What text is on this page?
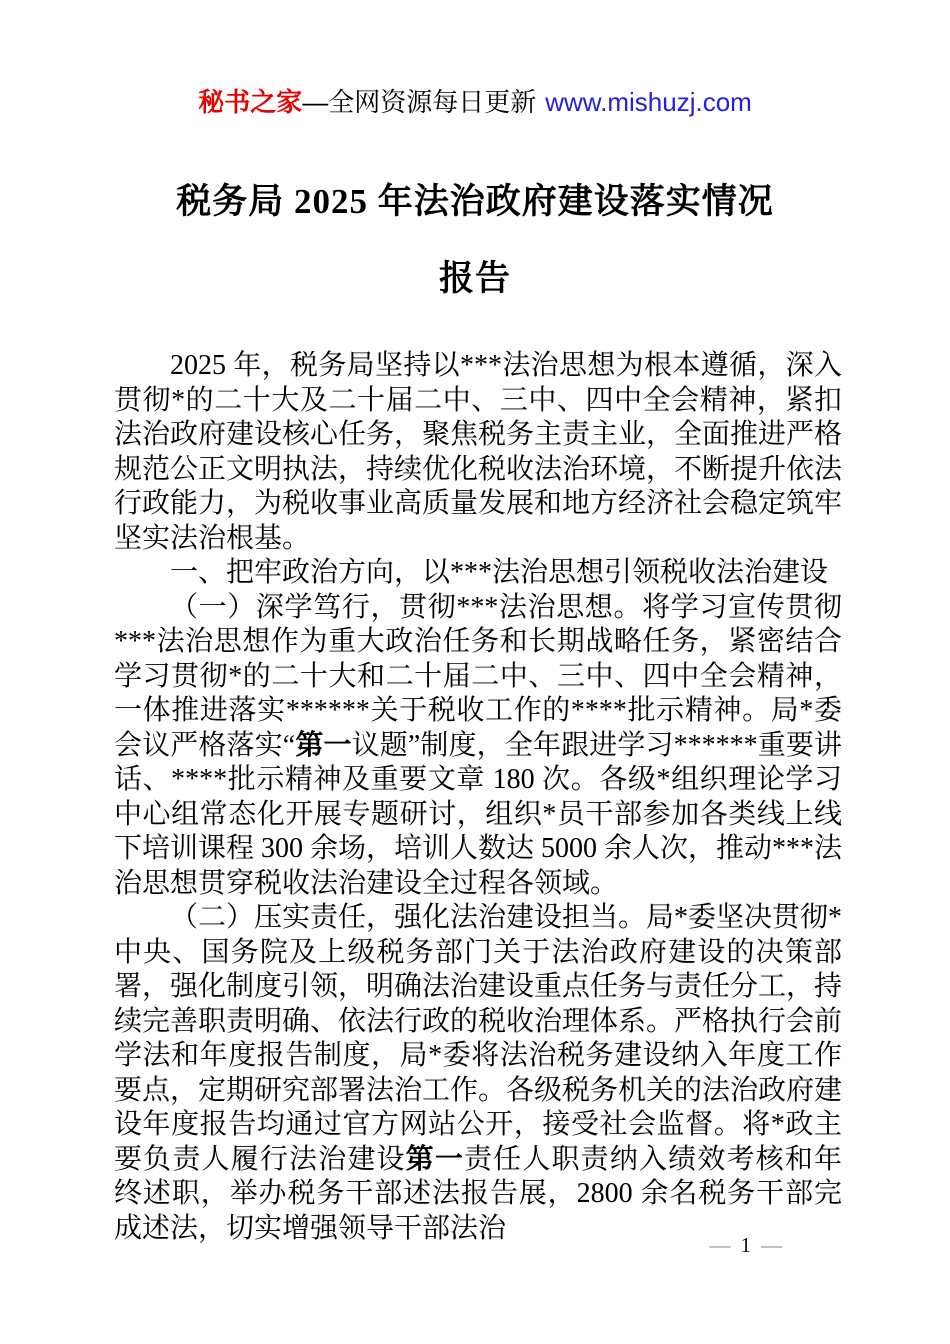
秘书之家—全网资源每日更新 www.mishuzj.com
税务局 2025 年法治政府建设落实情况
报告

2025 年，税务局坚持以***法治思想为根本遵循，深入贯彻*的二十大及二十届二中、三中、四中全会精神，紧扣法治政府建设核心任务，聚焦税务主责主业，全面推进严格规范公正文明执法，持续优化税收法治环境，不断提升依法行政能力，为税收事业高质量发展和地方经济社会稳定筑牢坚实法治根基。

一、把牢政治方向，以***法治思想引领税收法治建设

（一）深学笃行，贯彻***法治思想。将学习宣传贯彻***法治思想作为重大政治任务和长期战略任务，紧密结合学习贯彻*的二十大和二十届二中、三中、四中全会精神，一体推进落实******关于税收工作的****批示精神。局*委会议严格落实“第一议题”制度，全年跟进学习******重要讲话、****批示精神及重要文章 180 次。各级*组织理论学习中心组常态化开展专题研讨，组织*员干部参加各类线上线下培训课程 300 余场，培训人数达 5000 余人次，推动***法治思想贯穿税收法治建设全过程各领域。

（二）压实责任，强化法治建设担当。局*委坚决贯彻*中央、国务院及上级税务部门关于法治政府建设的决策部署，强化制度引领，明确法治建设重点任务与责任分工，持续完善职责明确、依法行政的税收治理体系。严格执行会前学法和年度报告制度，局*委将法治税务建设纳入年度工作要点，定期研究部署法治工作。各级税务机关的法治政府建设年度报告均通过官方网站公开，接受社会监督。将*政主要负责人履行法治建设第一责任人职责纳入绩效考核和年终述职，举办税务干部述法报告展，2800 余名税务干部完成述法，切实增强领导干部法治

— 1 —
